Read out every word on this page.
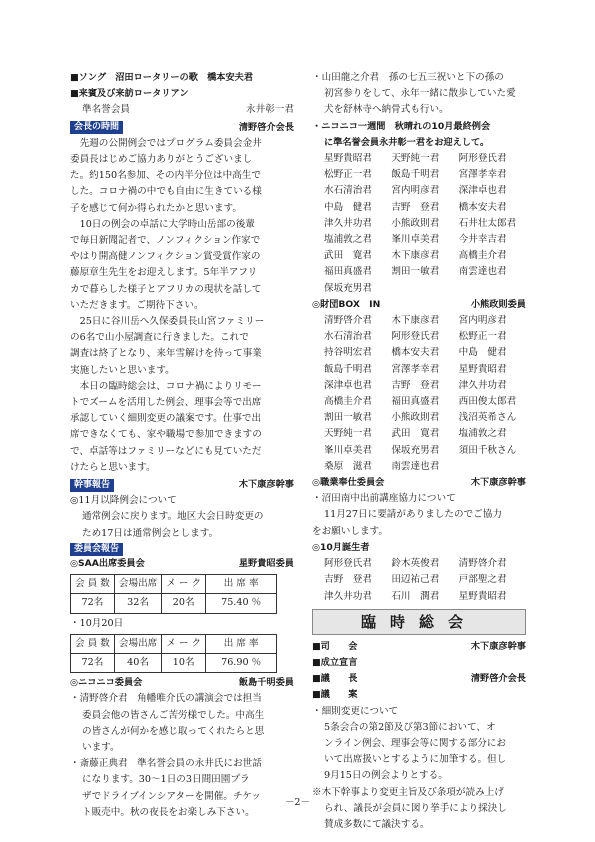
■ソング　沼田ロータリーの歌　橋本安夫君
■来賓及び来訪ロータリアン
準名誉会員	永井彰一君
会長の時間	清野啓介会長
先週の公開例会ではプログラム委員会金井
委員長はじめご協力ありがとうございまし
た。約150名参加、その内半分位は中高生で
した。コロナ禍の中でも自由に生きている様
子を感じて何か得られたかと思います。
10日の例会の卓話に大学時山岳部の後輩
で毎日新聞記者で、ノンフィクション作家で
やはり開高健ノンフィクション賞受賞作家の
藤原章生先生をお迎えします。5年半アフリ
カで暮らした様子とアフリカの現状を話して
いただきます。ご期待下さい。
25日に谷川岳へ久保委員長山宮ファミリー
の6名で山小屋調査に行きました。これで
調査は終了となり、来年雪解けを待って事業
実施したいと思います。
本日の臨時総会は、コロナ禍によりリモー
トでズームを活用した例会、理事会等で出席
承認していく細則変更の議案です。仕事で出
席できなくても、家や職場で参加できますの
で、卓話等はファミリーなどにも見ていただ
けたらと思います。
幹事報告	木下康彦幹事
◎11月以降例会について
通常例会に戻ります。地区大会日時変更の
ため17日は通常例会とします。
委員会報告
◎SAA出席委員会	星野貴昭委員
会 員 数	会場出席	メ ー ク	出 席 率
72名	32名	20名	75.40 ％
・10月20日
会 員 数	会場出席	メ ー ク	出 席 率
72名	40名	10名	76.90 ％
◎ニコニコ委員会	飯島千明委員
・清野啓介君　角幡唯介氏の講演会では担当
委員会他の皆さんご苦労様でした。中高生
の皆さんが何かを感じ取ってくれたらと思
います。
・斎藤正典君　準名誉会員の永井氏にお世話
になります。30～1日の3日間田園プラ
ザでドライブインシアターを開催。チケッ
ト販売中。秋の夜長をお楽しみ下さい。
・山田龍之介君　孫の七五三祝いと下の孫の
初宮参りをして、永年一緒に散歩していた愛
犬を舒林寺へ納骨式も行い。
・ニコニコ一週間　秋晴れの10月最終例会
に準名誉会員永井彰一君をお迎えして。
星野貴昭君	天野純一君	阿形登氏君
松野正一君	飯島千明君	宮澤孝幸君
水石清治君	宮内明彦君	深津卓也君
中島　健君	吉野　登君	橋本安夫君
津久井功君	小熊政則君	石井壮太郎君
塩浦敦之君	峯川卓美君	今井幸吉君
武田　寛君	木下康彦君	高橋圭介君
福田真盛君	割田一敏君	南雲達也君
保坂充男君
◎財団BOX　IN	小熊政則委員
清野啓介君	木下康彦君	宮内明彦君
水石清治君	阿形登氏君	松野正一君
持谷明宏君	橋本安夫君	中島　健君
飯島千明君	宮澤孝幸君	星野貴昭君
深津卓也君	吉野　登君	津久井功君
高橋圭介君	福田真盛君	西田俊太郎君
割田一敏君	小熊政則君	浅沼英希さん
天野純一君	武田　寛君	塩浦敦之君
峯川卓美君	保坂充男君	須田千秋さん
桑原　滋君	南雲達也君
◎職業奉仕委員会	木下康彦幹事
・沼田南中出前講座協力について
11月27日に要請がありましたのでご協力
をお願いします。
◎10月誕生者
阿形登氏君	鈴木英俊君	清野啓介君
吉野　登君	田辺祐己君	戸部聖之君
津久井功君	石川　潤君	星野貴昭君
臨時総会
■司　　会	木下康彦幹事
■成立宣言
■議　　長	清野啓介会長
■議　　案
・細則変更について
5条会合の第2節及び第3節において、オ
ンライン例会、理事会等に関する部分にお
いて出席扱いとするように加筆する。但し
9月15日の例会よりとする。
※木下幹事より変更主旨及び条項が読み上げ
られ、議長が会員に図り挙手により採決し
賛成多数にて議決する。
－2－
